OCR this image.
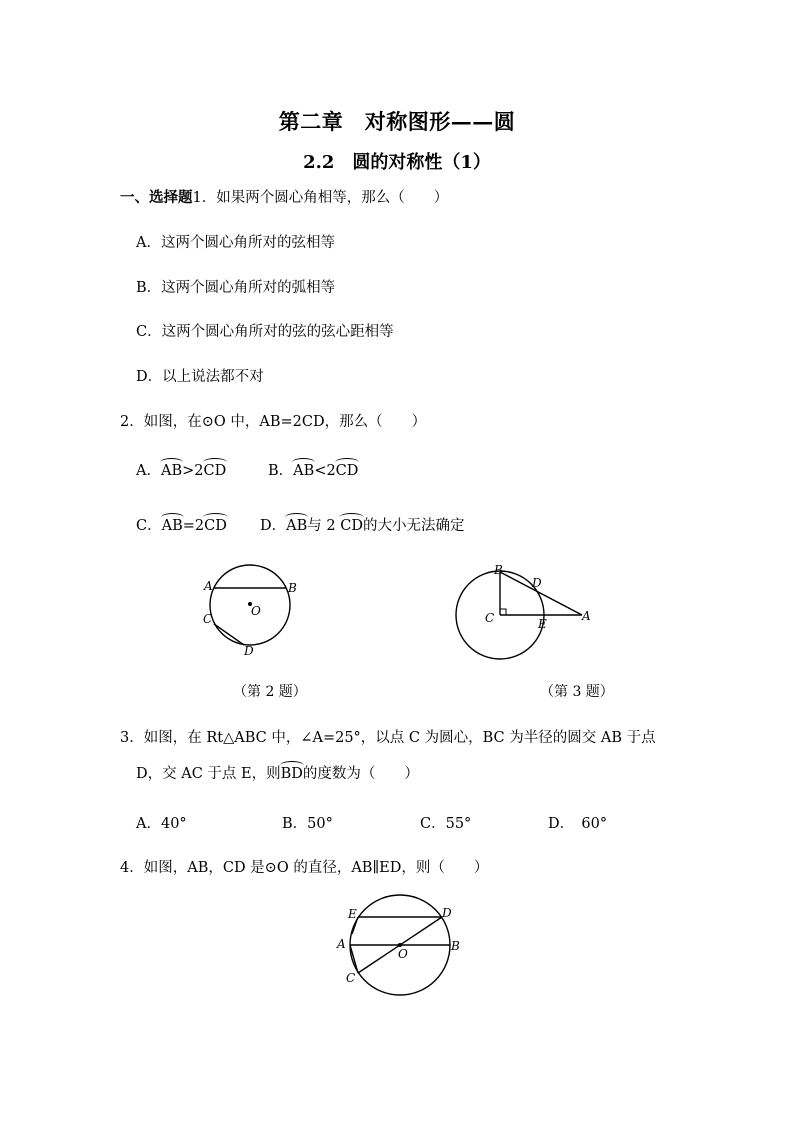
第二章　对称图形——圆
2.2　圆的对称性（1）
一、选择题1．如果两个圆心角相等，那么（　　）
A．这两个圆心角所对的弦相等
B．这两个圆心角所对的弧相等
C．这两个圆心角所对的弦的弦心距相等
D．以上说法都不对
2．如图，在⊙O 中，AB=2CD，那么（　　）
A．AB>2CD	B．AB<2CD
C．AB=2CD D．AB与 2 CD的大小无法确定
A	B
C
D
O
（第 2 题）
B
D
C	E
A
（第 3 题）
3．如图，在 Rt△ABC 中，∠A=25°，以点 C 为圆心，BC 为半径的圆交 AB 于点
D，交 AC 于点 E，则BD的度数为（　　）
A．40°	B．50°	C．55°	D．　60°
4．如图，AB，CD 是⊙O 的直径，AB∥ED，则（　　）
E	D
A	B
O
C
